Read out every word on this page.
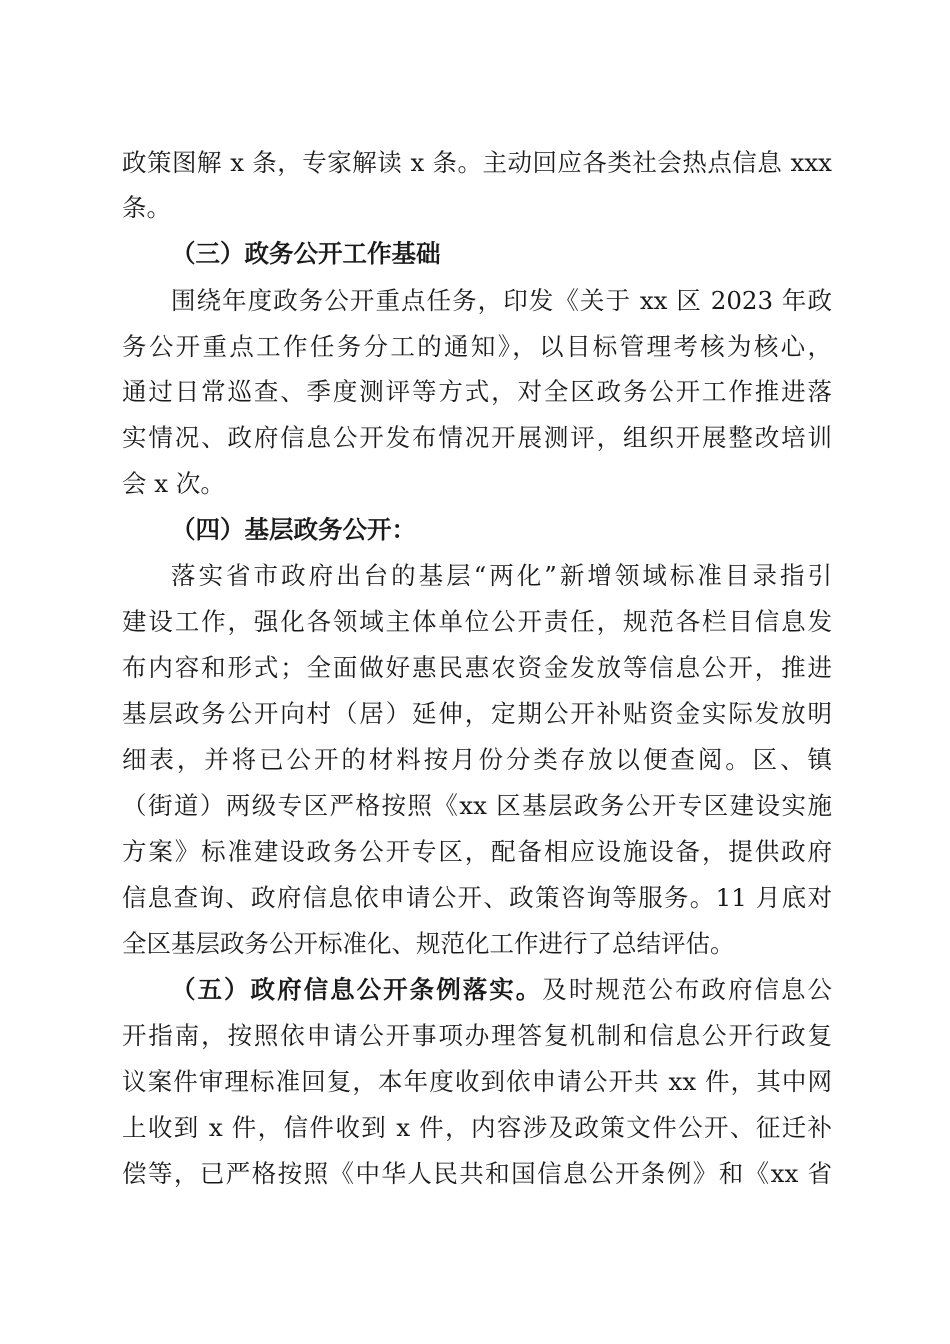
政策图解 x 条，专家解读 x 条。主动回应各类社会热点信息 xxx
条。
（三）政务公开工作基础
围绕年度政务公开重点任务，印发《关于 xx 区 2023 年政
务公开重点工作任务分工的通知》，以目标管理考核为核心，
通过日常巡查、季度测评等方式，对全区政务公开工作推进落
实情况、政府信息公开发布情况开展测评，组织开展整改培训
会 x 次。
（四）基层政务公开：
落实省市政府出台的基层“两化”新增领域标准目录指引
建设工作，强化各领域主体单位公开责任，规范各栏目信息发
布内容和形式；全面做好惠民惠农资金发放等信息公开，推进
基层政务公开向村（居）延伸，定期公开补贴资金实际发放明
细表，并将已公开的材料按月份分类存放以便查阅。区、镇
（街道）两级专区严格按照《xx 区基层政务公开专区建设实施
方案》标准建设政务公开专区，配备相应设施设备，提供政府
信息查询、政府信息依申请公开、政策咨询等服务。11 月底对
全区基层政务公开标准化、规范化工作进行了总结评估。
（五）政府信息公开条例落实。及时规范公布政府信息公
开指南，按照依申请公开事项办理答复机制和信息公开行政复
议案件审理标准回复，本年度收到依申请公开共 xx 件，其中网
上收到 x 件，信件收到 x 件，内容涉及政策文件公开、征迁补
偿等，已严格按照《中华人民共和国信息公开条例》和《xx 省
